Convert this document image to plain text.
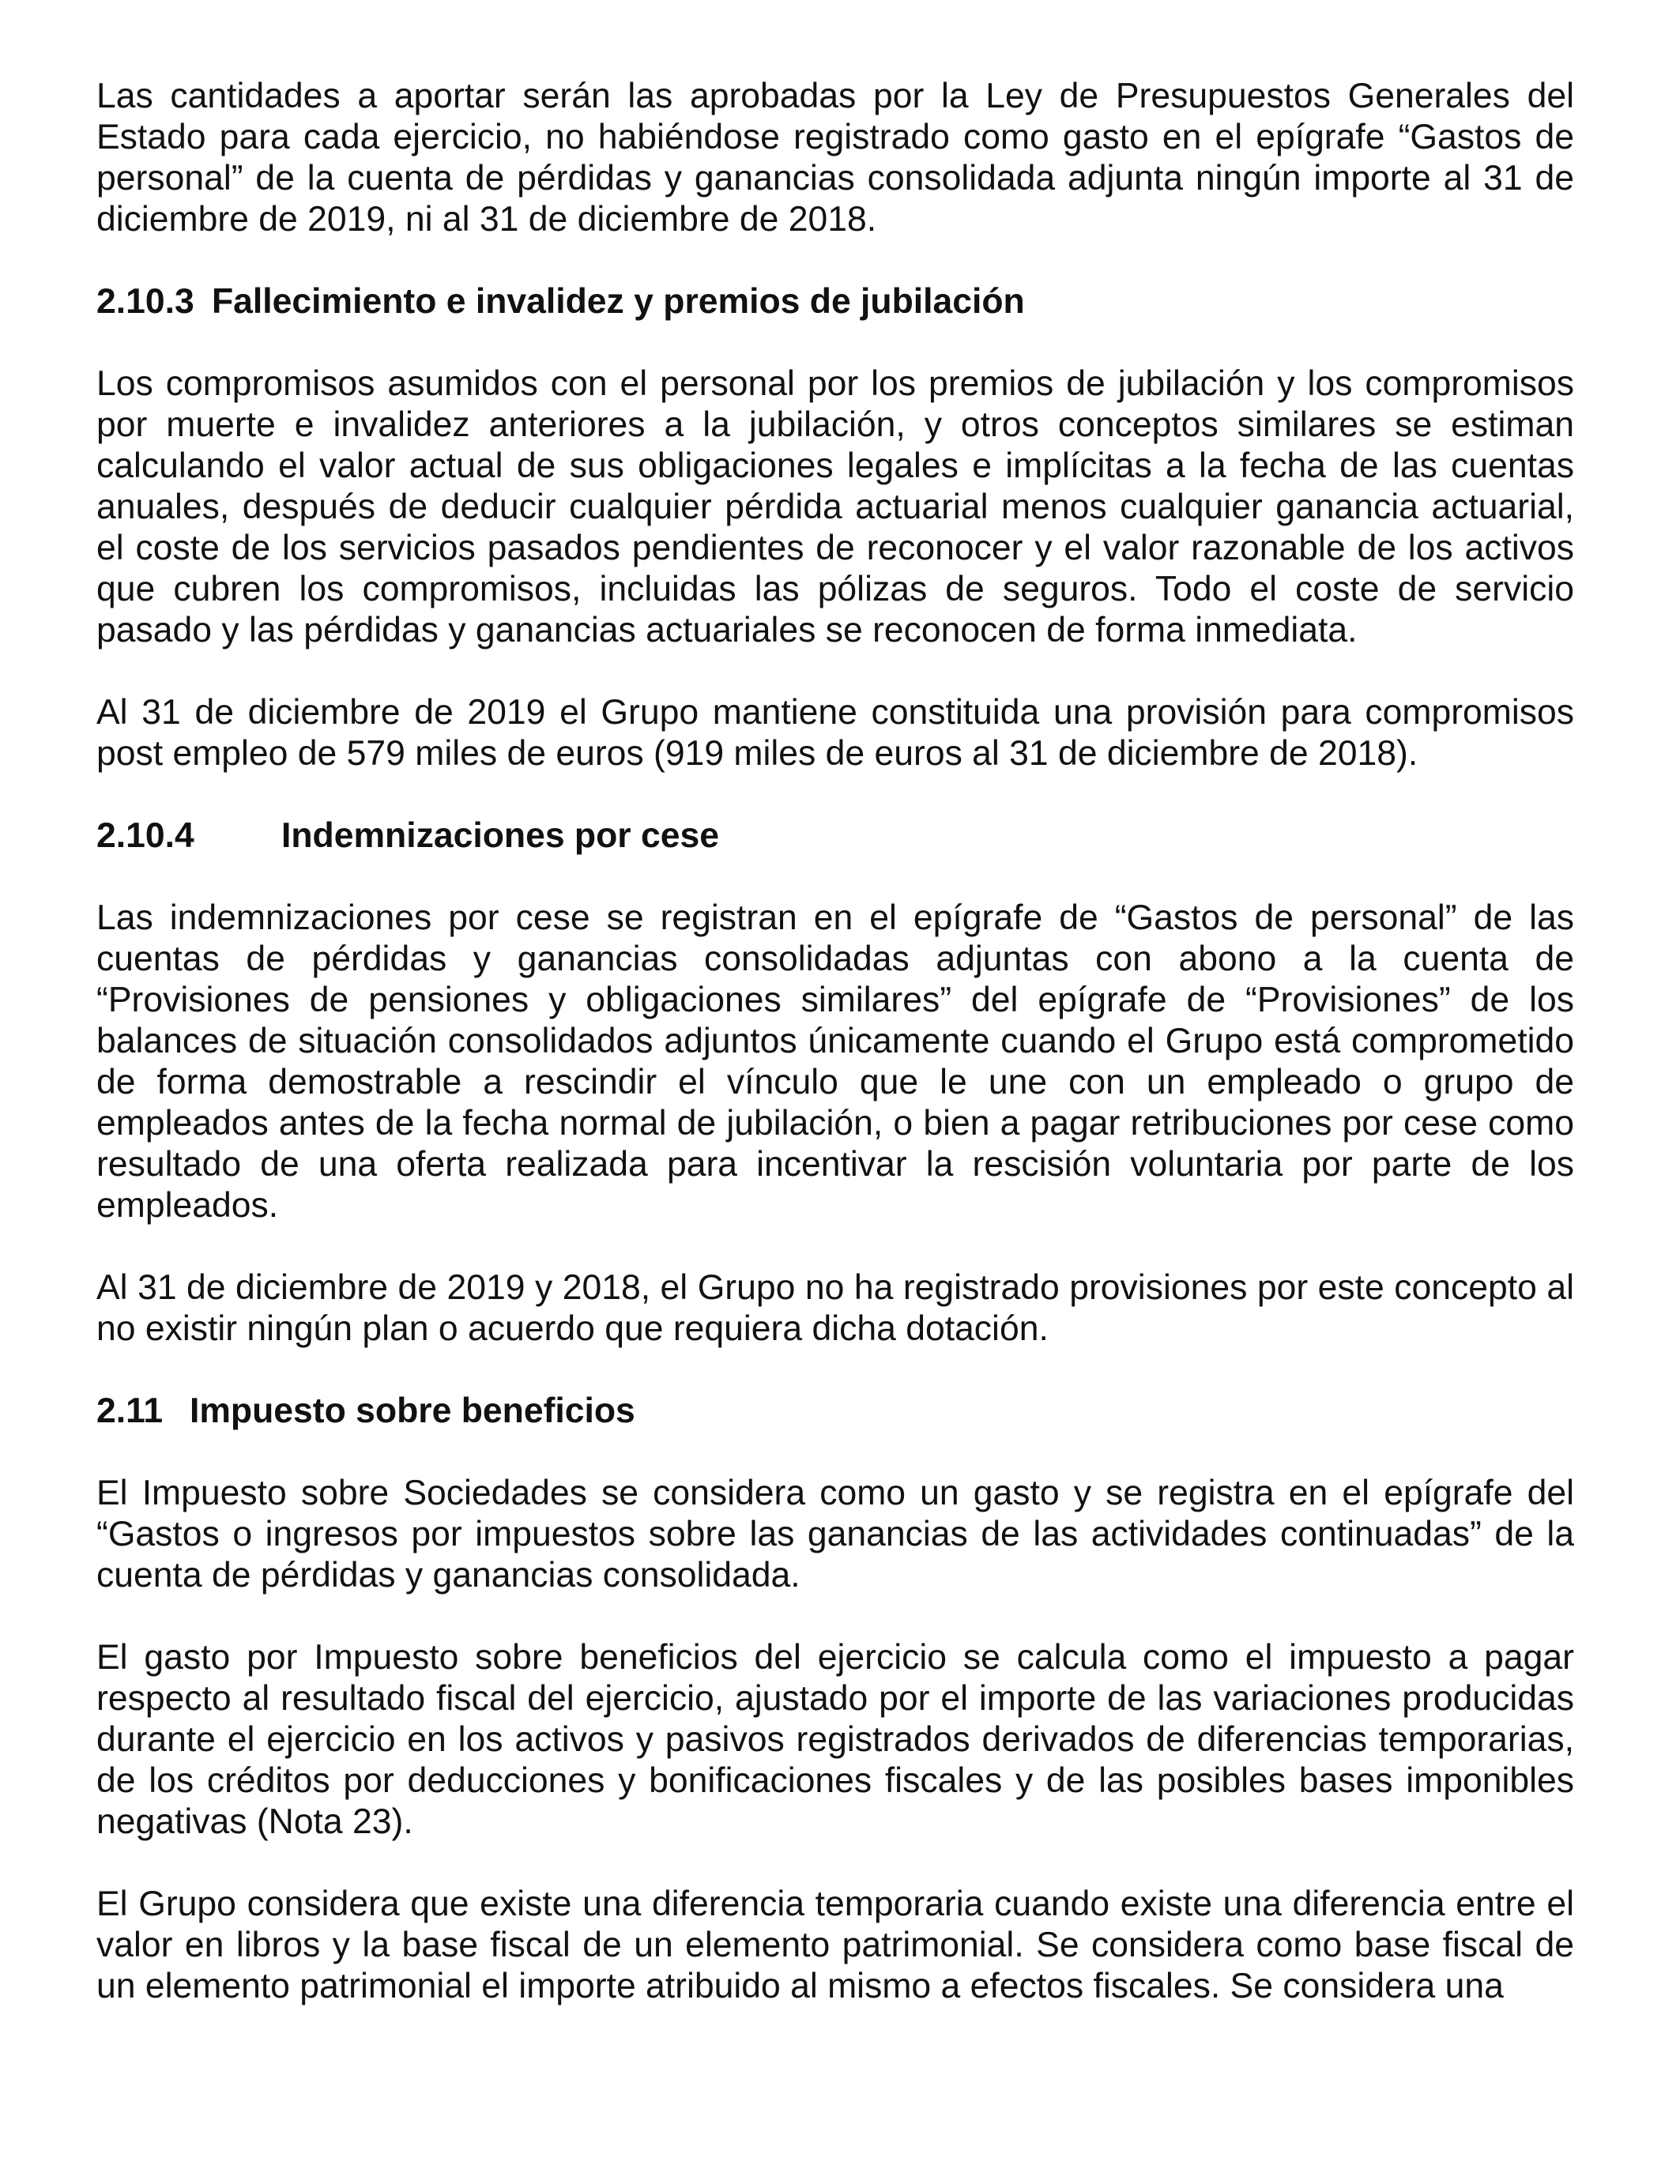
Las cantidades a aportar serán las aprobadas por la Ley de Presupuestos Generales del Estado para cada ejercicio, no habiéndose registrado como gasto en el epígrafe “Gastos de personal” de la cuenta de pérdidas y ganancias consolidada adjunta ningún importe al 31 de diciembre de 2019, ni al 31 de diciembre de 2018.

2.10.3 Fallecimiento e invalidez y premios de jubilación

Los compromisos asumidos con el personal por los premios de jubilación y los compromisos por muerte e invalidez anteriores a la jubilación, y otros conceptos similares se estiman calculando el valor actual de sus obligaciones legales e implícitas a la fecha de las cuentas anuales, después de deducir cualquier pérdida actuarial menos cualquier ganancia actuarial, el coste de los servicios pasados pendientes de reconocer y el valor razonable de los activos que cubren los compromisos, incluidas las pólizas de seguros. Todo el coste de servicio pasado y las pérdidas y ganancias actuariales se reconocen de forma inmediata.

Al 31 de diciembre de 2019 el Grupo mantiene constituida una provisión para compromisos post empleo de 579 miles de euros (919 miles de euros al 31 de diciembre de 2018).

2.10.4 Indemnizaciones por cese

Las indemnizaciones por cese se registran en el epígrafe de “Gastos de personal” de las cuentas de pérdidas y ganancias consolidadas adjuntas con abono a la cuenta de “Provisiones de pensiones y obligaciones similares” del epígrafe de “Provisiones” de los balances de situación consolidados adjuntos únicamente cuando el Grupo está comprometido de forma demostrable a rescindir el vínculo que le une con un empleado o grupo de empleados antes de la fecha normal de jubilación, o bien a pagar retribuciones por cese como resultado de una oferta realizada para incentivar la rescisión voluntaria por parte de los empleados.

Al 31 de diciembre de 2019 y 2018, el Grupo no ha registrado provisiones por este concepto al no existir ningún plan o acuerdo que requiera dicha dotación.

2.11 Impuesto sobre beneficios

El Impuesto sobre Sociedades se considera como un gasto y se registra en el epígrafe del “Gastos o ingresos por impuestos sobre las ganancias de las actividades continuadas” de la cuenta de pérdidas y ganancias consolidada.

El gasto por Impuesto sobre beneficios del ejercicio se calcula como el impuesto a pagar respecto al resultado fiscal del ejercicio, ajustado por el importe de las variaciones producidas durante el ejercicio en los activos y pasivos registrados derivados de diferencias temporarias, de los créditos por deducciones y bonificaciones fiscales y de las posibles bases imponibles negativas (Nota 23).

El Grupo considera que existe una diferencia temporaria cuando existe una diferencia entre el valor en libros y la base fiscal de un elemento patrimonial. Se considera como base fiscal de un elemento patrimonial el importe atribuido al mismo a efectos fiscales. Se considera una
